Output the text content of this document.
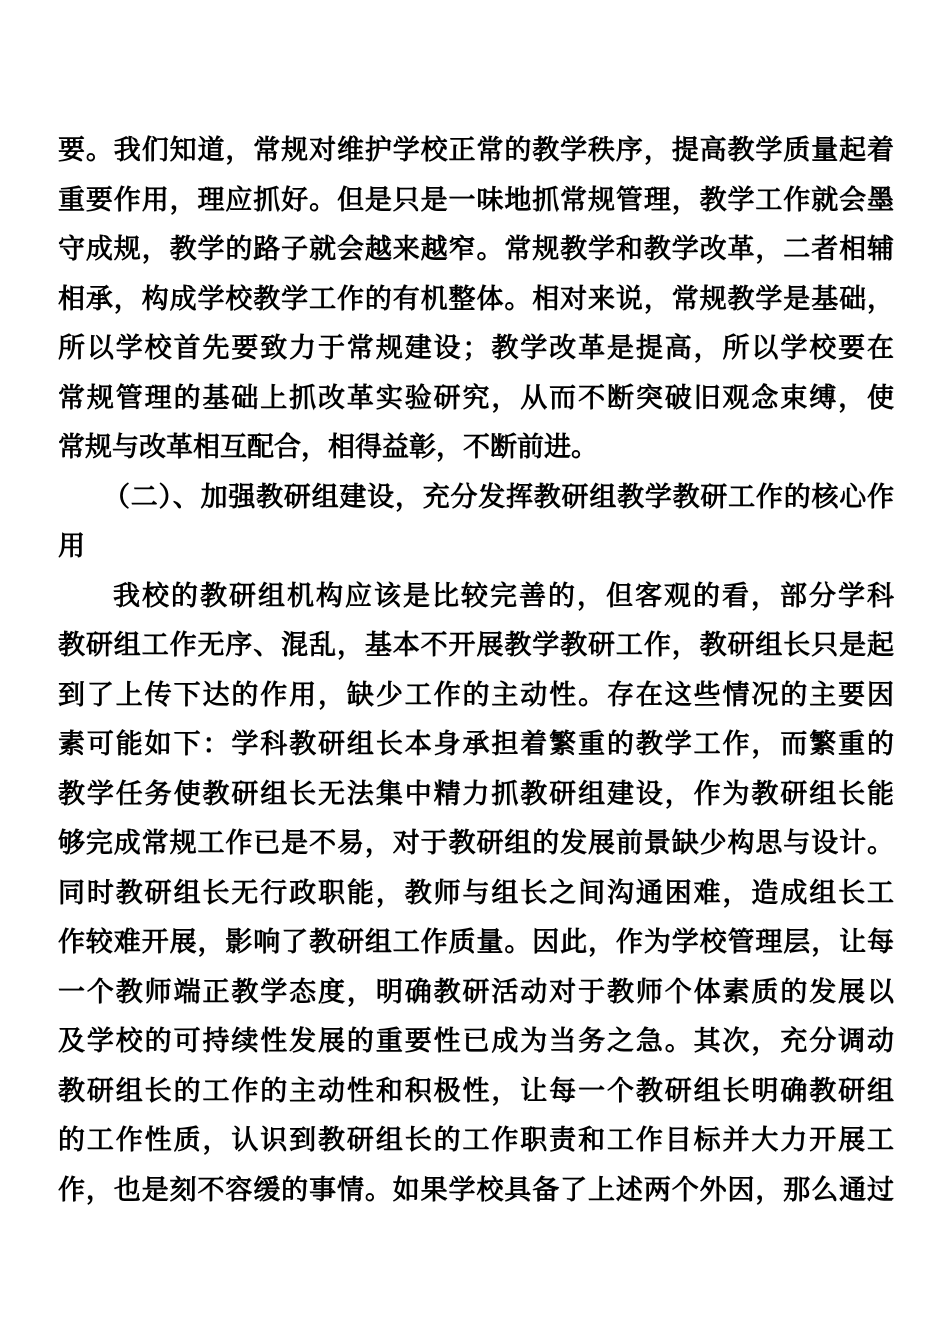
要。我们知道，常规对维护学校正常的教学秩序，提高教学质量起着
重要作用，理应抓好。但是只是一味地抓常规管理，教学工作就会墨
守成规，教学的路子就会越来越窄。常规教学和教学改革，二者相辅
相承，构成学校教学工作的有机整体。相对来说，常规教学是基础，
所以学校首先要致力于常规建设；教学改革是提高，所以学校要在
常规管理的基础上抓改革实验研究，从而不断突破旧观念束缚，使
常规与改革相互配合，相得益彰，不断前进。
（二）、加强教研组建设，充分发挥教研组教学教研工作的核心作
用
我校的教研组机构应该是比较完善的，但客观的看，部分学科
教研组工作无序、混乱，基本不开展教学教研工作，教研组长只是起
到了上传下达的作用，缺少工作的主动性。存在这些情况的主要因
素可能如下：学科教研组长本身承担着繁重的教学工作，而繁重的
教学任务使教研组长无法集中精力抓教研组建设，作为教研组长能
够完成常规工作已是不易，对于教研组的发展前景缺少构思与设计。
同时教研组长无行政职能，教师与组长之间沟通困难，造成组长工
作较难开展，影响了教研组工作质量。因此，作为学校管理层，让每
一个教师端正教学态度，明确教研活动对于教师个体素质的发展以
及学校的可持续性发展的重要性已成为当务之急。其次，充分调动
教研组长的工作的主动性和积极性，让每一个教研组长明确教研组
的工作性质，认识到教研组长的工作职责和工作目标并大力开展工
作，也是刻不容缓的事情。如果学校具备了上述两个外因，那么通过
